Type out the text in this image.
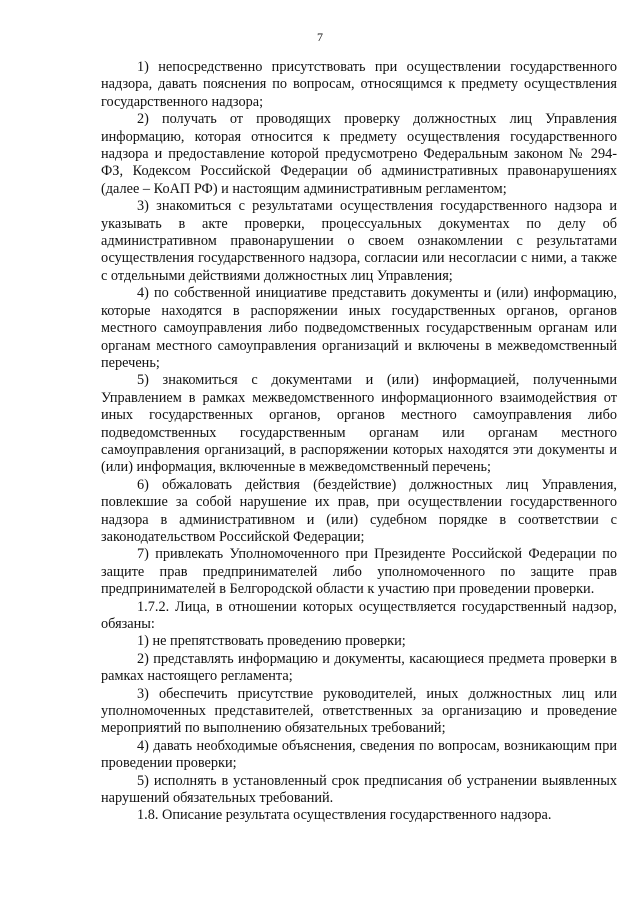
7

1) непосредственно присутствовать при осуществлении государственного надзора, давать пояснения по вопросам, относящимся к предмету осуществления государственного надзора;

2) получать от проводящих проверку должностных лиц Управления информацию, которая относится к предмету осуществления государственного надзора и предоставление которой предусмотрено Федеральным законом № 294-ФЗ, Кодексом Российской Федерации об административных правонарушениях (далее – КоАП РФ) и настоящим административным регламентом;

3) знакомиться с результатами осуществления государственного надзора и указывать в акте проверки, процессуальных документах по делу об административном правонарушении о своем ознакомлении с результатами осуществления государственного надзора, согласии или несогласии с ними, а также с отдельными действиями должностных лиц Управления;

4) по собственной инициативе представить документы и (или) информацию, которые находятся в распоряжении иных государственных органов, органов местного самоуправления либо подведомственных государственным органам или органам местного самоуправления организаций и включены в межведомственный перечень;

5) знакомиться с документами и (или) информацией, полученными Управлением в рамках межведомственного информационного взаимодействия от иных государственных органов, органов местного самоуправления либо подведомственных государственным органам или органам местного самоуправления организаций, в распоряжении которых находятся эти документы и (или) информация, включенные в межведомственный перечень;

6) обжаловать действия (бездействие) должностных лиц Управления, повлекшие за собой нарушение их прав, при осуществлении государственного надзора в административном и (или) судебном порядке в соответствии с законодательством Российской Федерации;

7) привлекать Уполномоченного при Президенте Российской Федерации по защите прав предпринимателей либо уполномоченного по защите прав предпринимателей в Белгородской области к участию при проведении проверки.

1.7.2. Лица, в отношении которых осуществляется государственный надзор, обязаны:

1) не препятствовать проведению проверки;

2) представлять информацию и документы, касающиеся предмета проверки в рамках настоящего регламента;

3) обеспечить присутствие руководителей, иных должностных лиц или уполномоченных представителей, ответственных за организацию и проведение мероприятий по выполнению обязательных требований;

4) давать необходимые объяснения, сведения по вопросам, возникающим при проведении проверки;

5) исполнять в установленный срок предписания об устранении выявленных нарушений обязательных требований.

1.8. Описание результата осуществления государственного надзора.
